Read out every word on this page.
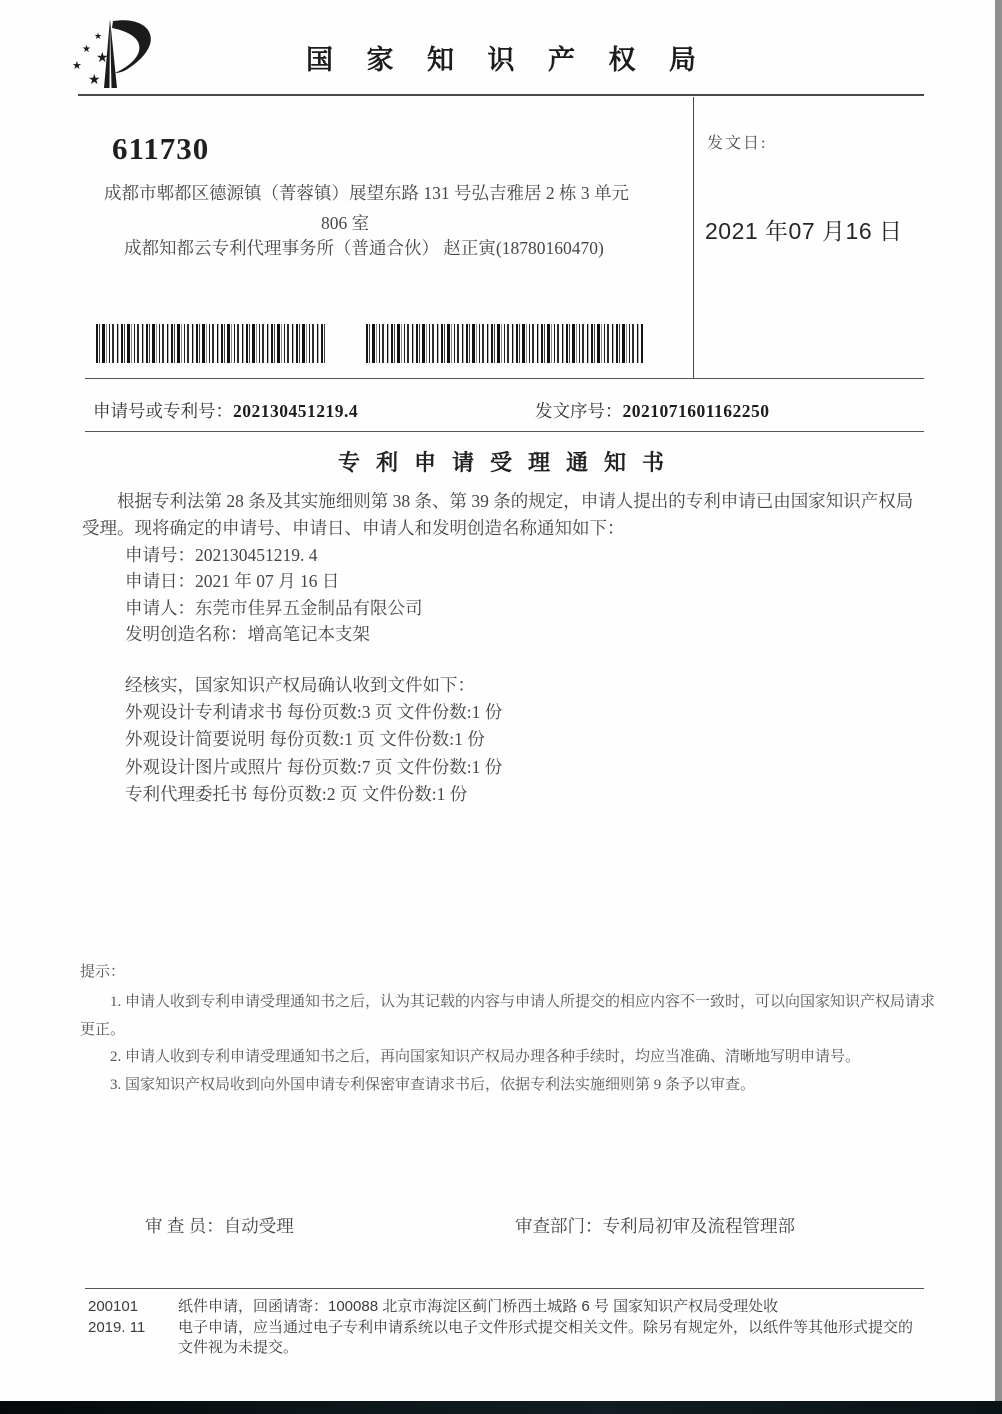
★
★
★
★
★
国 家 知 识 产 权 局
611730
成都市郫都区德源镇（菁蓉镇）展望东路 131 号弘吉雅居 2 栋 3 单元
806 室
成都知都云专利代理事务所（普通合伙） 赵正寅(18780160470)
发文日:
2021 年07 月16 日
申请号或专利号：202130451219.4	发文序号：2021071601162250
专利申请受理通知书

根据专利法第 28 条及其实施细则第 38 条、第 39 条的规定，申请人提出的专利申请已由国家知识产权局受理。现将确定的申请号、申请日、申请人和发明创造名称通知如下：

申请号：202130451219. 4
申请日：2021 年 07 月 16 日
申请人：东莞市佳昇五金制品有限公司
发明创造名称：增高笔记本支架
经核实，国家知识产权局确认收到文件如下：
外观设计专利请求书 每份页数:3 页 文件份数:1 份
外观设计简要说明 每份页数:1 页 文件份数:1 份
外观设计图片或照片 每份页数:7 页 文件份数:1 份
专利代理委托书 每份页数:2 页 文件份数:1 份
提示：

1. 申请人收到专利申请受理通知书之后，认为其记载的内容与申请人所提交的相应内容不一致时，可以向国家知识产权局请求更正。

2. 申请人收到专利申请受理通知书之后，再向国家知识产权局办理各种手续时，均应当准确、清晰地写明申请号。

3. 国家知识产权局收到向外国申请专利保密审查请求书后，依据专利法实施细则第 9 条予以审查。

审 查 员：自动受理	审查部门：专利局初审及流程管理部
200101
2019. 11
纸件申请，回函请寄：100088 北京市海淀区蓟门桥西土城路 6 号 国家知识产权局受理处收
电子申请，应当通过电子专利申请系统以电子文件形式提交相关文件。除另有规定外，以纸件等其他形式提交的
文件视为未提交。
